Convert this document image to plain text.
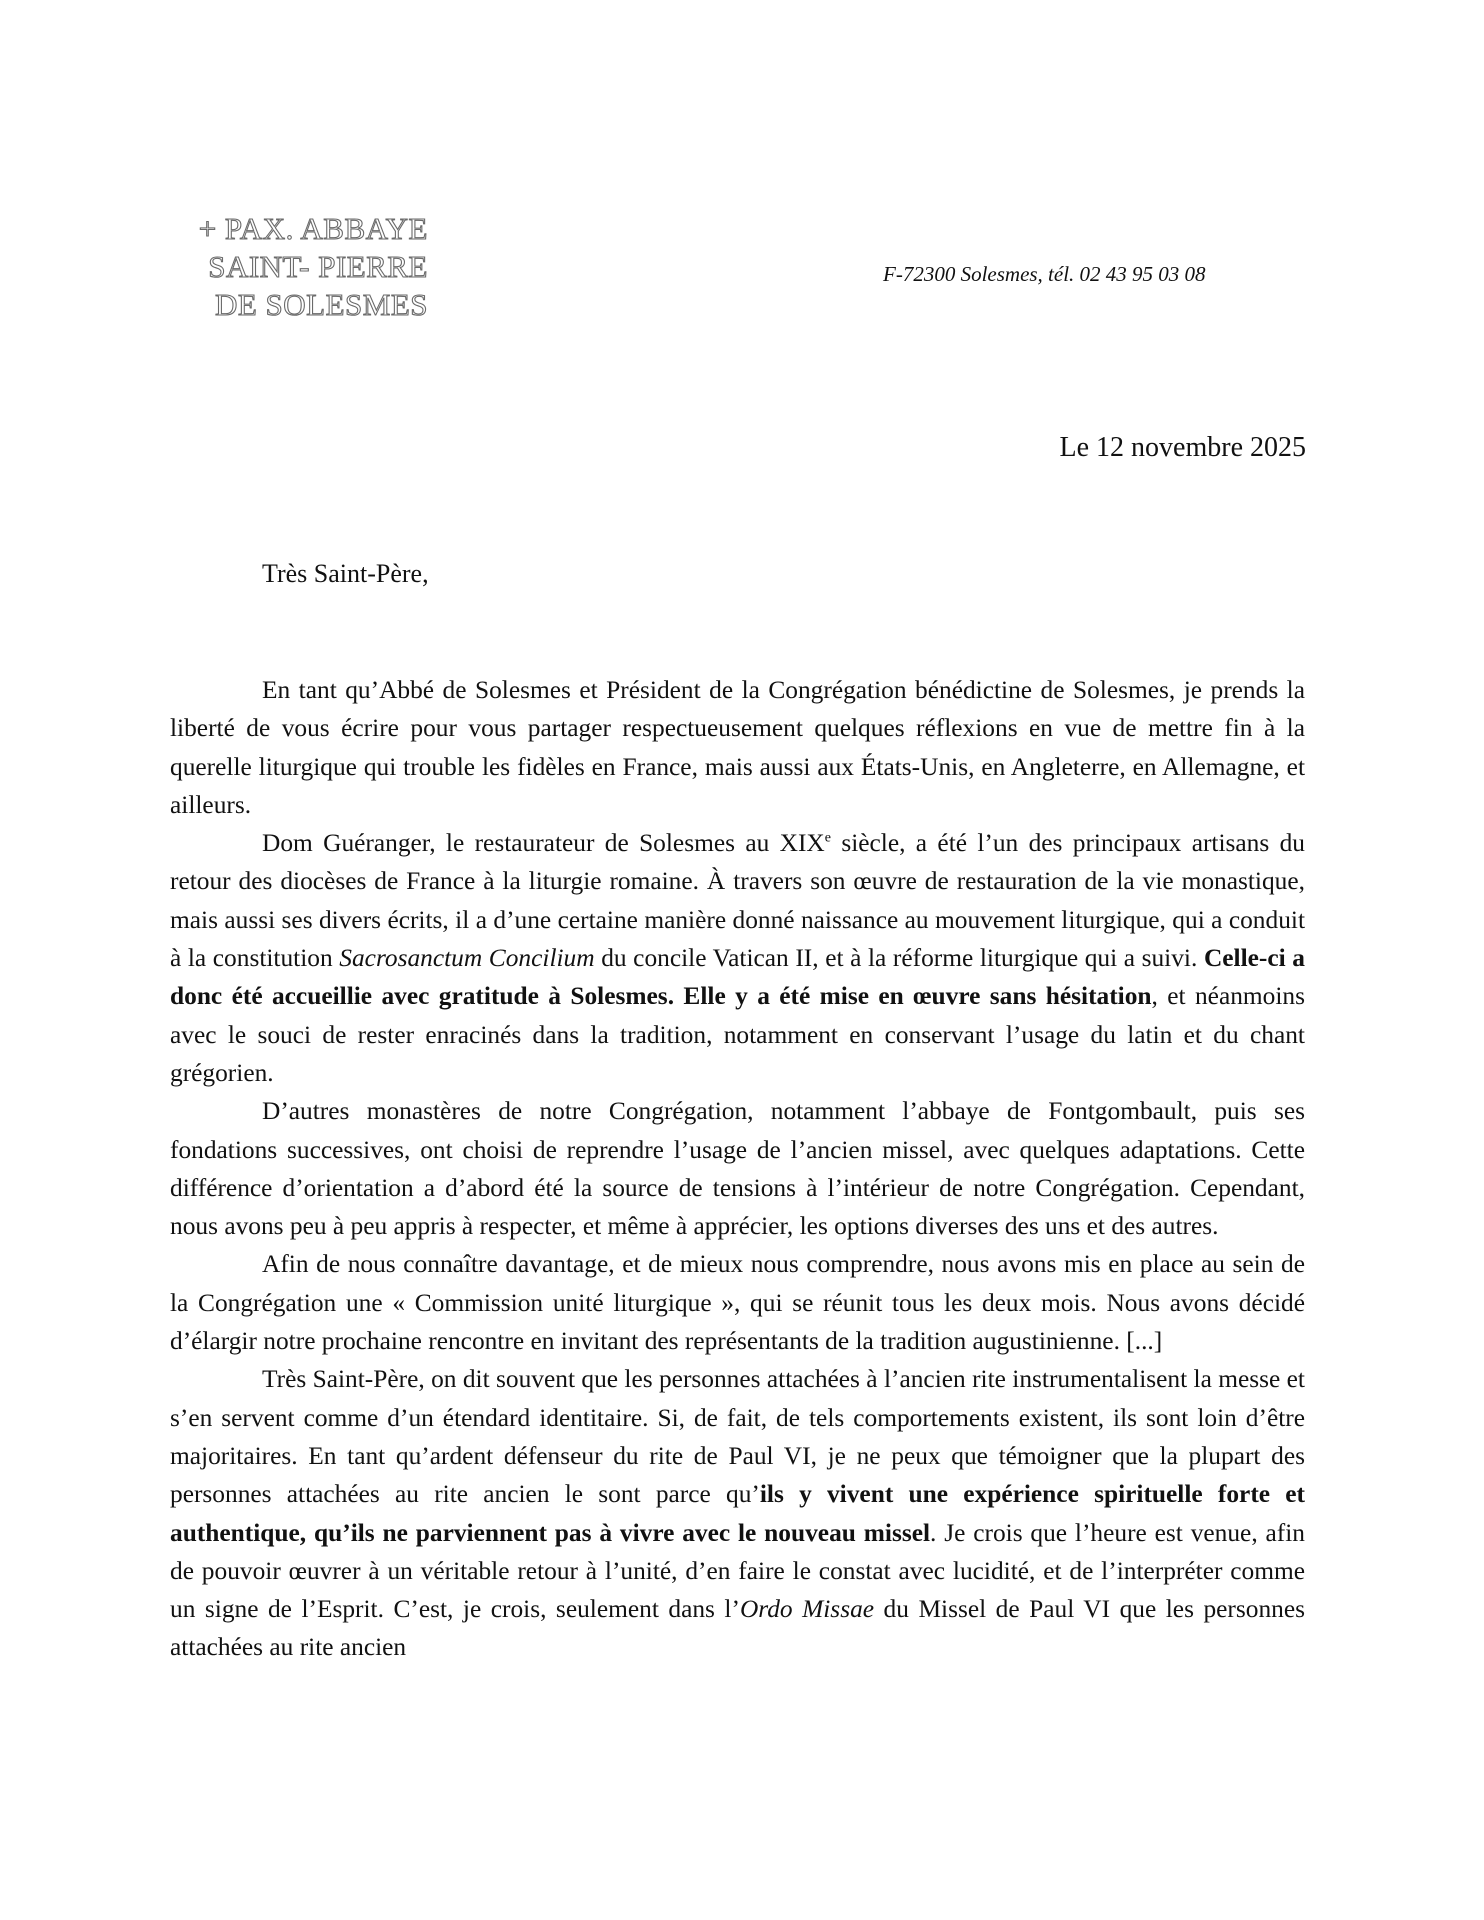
+ PAX. ABBAYE
SAINT- PIERRE
DE SOLESMES
F-72300 Solesmes, tél. 02 43 95 03 08
Le 12 novembre 2025
Très Saint-Père,

En tant qu’Abbé de Solesmes et Président de la Congrégation bénédictine de Solesmes, je prends la liberté de vous écrire pour vous partager respectueusement quelques réflexions en vue de mettre fin à la querelle liturgique qui trouble les fidèles en France, mais aussi aux États-Unis, en Angleterre, en Allemagne, et ailleurs.

Dom Guéranger, le restaurateur de Solesmes au XIXe siècle, a été l’un des principaux artisans du retour des diocèses de France à la liturgie romaine. À travers son œuvre de restauration de la vie monastique, mais aussi ses divers écrits, il a d’une certaine manière donné naissance au mouvement liturgique, qui a conduit à la constitution Sacrosanctum Concilium du concile Vatican II, et à la réforme liturgique qui a suivi. Celle-ci a donc été accueillie avec gratitude à Solesmes. Elle y a été mise en œuvre sans hésitation, et néanmoins avec le souci de rester enracinés dans la tradition, notamment en conservant l’usage du latin et du chant grégorien.

D’autres monastères de notre Congrégation, notamment l’abbaye de Fontgombault, puis ses fondations successives, ont choisi de reprendre l’usage de l’ancien missel, avec quelques adaptations. Cette différence d’orientation a d’abord été la source de tensions à l’intérieur de notre Congrégation. Cependant, nous avons peu à peu appris à respecter, et même à apprécier, les options diverses des uns et des autres.

Afin de nous connaître davantage, et de mieux nous comprendre, nous avons mis en place au sein de la Congrégation une « Commission unité liturgique », qui se réunit tous les deux mois. Nous avons décidé d’élargir notre prochaine rencontre en invitant des représentants de la tradition augustinienne. [...]

Très Saint-Père, on dit souvent que les personnes attachées à l’ancien rite instrumentalisent la messe et s’en servent comme d’un étendard identitaire. Si, de fait, de tels comportements existent, ils sont loin d’être majoritaires. En tant qu’ardent défenseur du rite de Paul VI, je ne peux que témoigner que la plupart des personnes attachées au rite ancien le sont parce qu’ils y vivent une expérience spirituelle forte et authentique, qu’ils ne parviennent pas à vivre avec le nouveau missel. Je crois que l’heure est venue, afin de pouvoir œuvrer à un véritable retour à l’unité, d’en faire le constat avec lucidité, et de l’interpréter comme un signe de l’Esprit. C’est, je crois, seulement dans l’Ordo Missae du Missel de Paul VI que les personnes attachées au rite ancien
